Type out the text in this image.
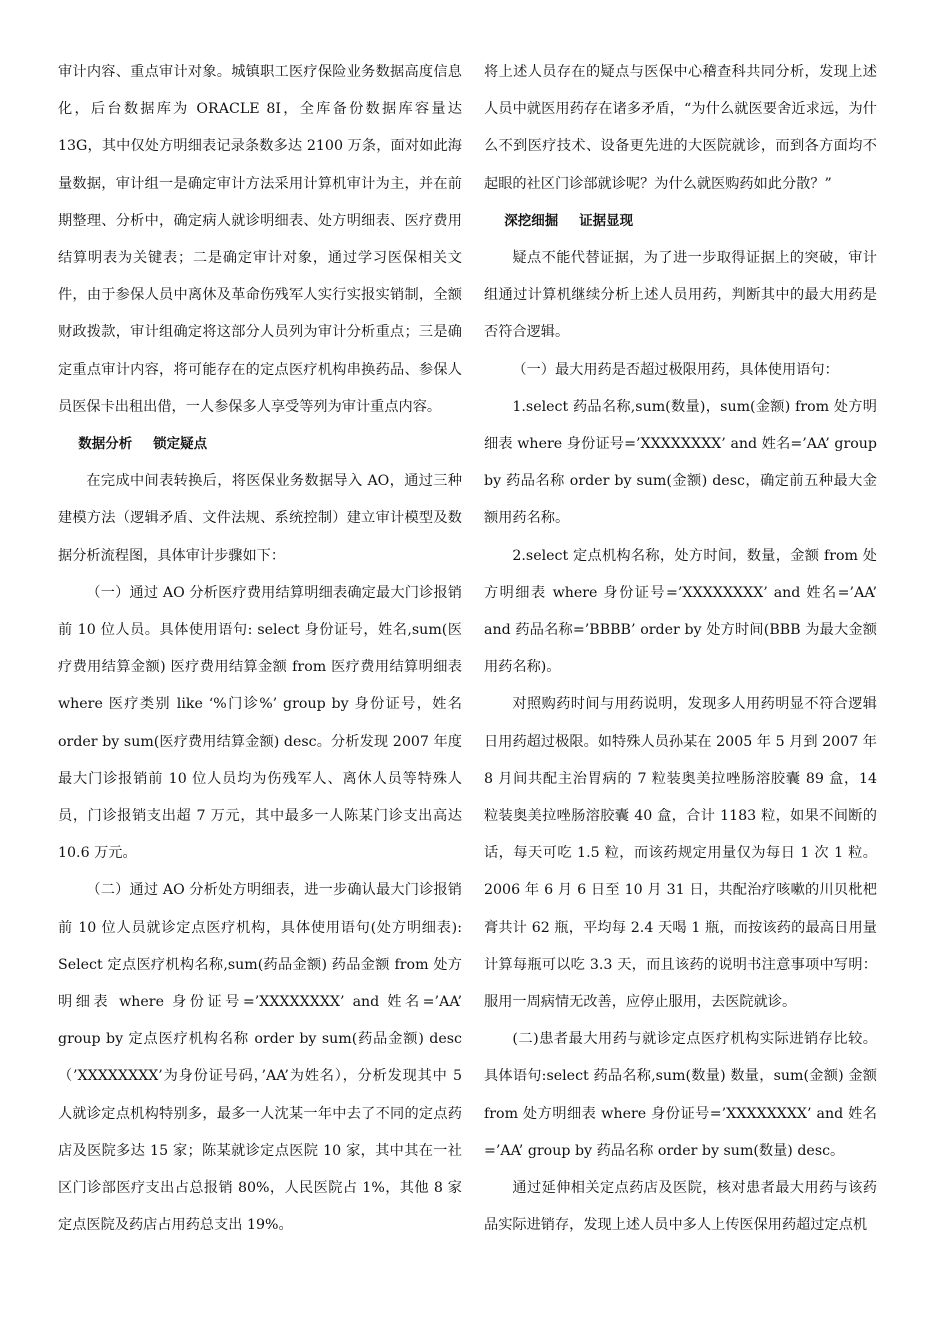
审计内容、重点审计对象。城镇职工医疗保险业务数据高度信息化，后台数据库为 ORACLE 8I，全库备份数据库容量达 13G，其中仅处方明细表记录条数多达 2100 万条，面对如此海量数据，审计组一是确定审计方法采用计算机审计为主，并在前期整理、分析中，确定病人就诊明细表、处方明细表、医疗费用结算明表为关键表；二是确定审计对象，通过学习医保相关文件，由于参保人员中离休及革命伤残军人实行实报实销制，全额财政拨款，审计组确定将这部分人员列为审计分析重点；三是确定重点审计内容，将可能存在的定点医疗机构串换药品、参保人员医保卡出租出借，一人参保多人享受等列为审计重点内容。

数据分析 锁定疑点

在完成中间表转换后，将医保业务数据导入 AO，通过三种建模方法（逻辑矛盾、文件法规、系统控制）建立审计模型及数据分析流程图，具体审计步骤如下：

（一）通过 AO 分析医疗费用结算明细表确定最大门诊报销前 10 位人员。具体使用语句: select 身份证号，姓名,sum(医疗费用结算金额) 医疗费用结算金额 from 医疗费用结算明细表 where 医疗类别 like ‘%门诊%’ group by 身份证号，姓名 order by sum(医疗费用结算金额) desc。分析发现 2007 年度最大门诊报销前 10 位人员均为伤残军人、离休人员等特殊人员，门诊报销支出超 7 万元，其中最多一人陈某门诊支出高达 10.6 万元。

（二）通过 AO 分析处方明细表，进一步确认最大门诊报销前 10 位人员就诊定点医疗机构，具体使用语句(处方明细表): Select 定点医疗机构名称,sum(药品金额) 药品金额 from 处方明细表 where 身份证号=’XXXXXXXX’ and 姓名=’AA’ group by 定点医疗机构名称 order by sum(药品金额) desc（’XXXXXXXX’为身份证号码，’AA’为姓名），分析发现其中 5 人就诊定点机构特别多，最多一人沈某一年中去了不同的定点药店及医院多达 15 家；陈某就诊定点医院 10 家，其中其在一社区门诊部医疗支出占总报销 80%，人民医院占 1%，其他 8 家定点医院及药店占用药总支出 19%。

将上述人员存在的疑点与医保中心稽查科共同分析，发现上述人员中就医用药存在诸多矛盾，“为什么就医要舍近求远，为什么不到医疗技术、设备更先进的大医院就诊，而到各方面均不起眼的社区门诊部就诊呢？为什么就医购药如此分散？”

深挖细掘 证据显现

疑点不能代替证据，为了进一步取得证据上的突破，审计组通过计算机继续分析上述人员用药，判断其中的最大用药是否符合逻辑。

（一）最大用药是否超过极限用药，具体使用语句：

1.select 药品名称,sum(数量)，sum(金额) from 处方明细表 where 身份证号=’XXXXXXXX’ and 姓名=’AA’ group by 药品名称 order by sum(金额) desc，确定前五种最大金额用药名称。

2.select 定点机构名称，处方时间，数量，金额 from 处方明细表 where 身份证号=’XXXXXXXX’ and 姓名=’AA’ and 药品名称=’BBBB’ order by 处方时间(BBB 为最大金额用药名称)。

对照购药时间与用药说明，发现多人用药明显不符合逻辑日用药超过极限。如特殊人员孙某在 2005 年 5 月到 2007 年 8 月间共配主治胃病的 7 粒装奥美拉唑肠溶胶囊 89 盒，14 粒装奥美拉唑肠溶胶囊 40 盒，合计 1183 粒，如果不间断的话，每天可吃 1.5 粒，而该药规定用量仅为每日 1 次 1 粒。2006 年 6 月 6 日至 10 月 31 日，共配治疗咳嗽的川贝枇杷膏共计 62 瓶，平均每 2.4 天喝 1 瓶，而按该药的最高日用量计算每瓶可以吃 3.3 天，而且该药的说明书注意事项中写明：服用一周病情无改善，应停止服用，去医院就诊。

(二)患者最大用药与就诊定点医疗机构实际进销存比较。具体语句:select 药品名称,sum(数量) 数量，sum(金额) 金额 from 处方明细表 where 身份证号=’XXXXXXXX’ and 姓名=’AA’ group by 药品名称 order by sum(数量) desc。

通过延伸相关定点药店及医院，核对患者最大用药与该药品实际进销存，发现上述人员中多人上传医保用药超过定点机
